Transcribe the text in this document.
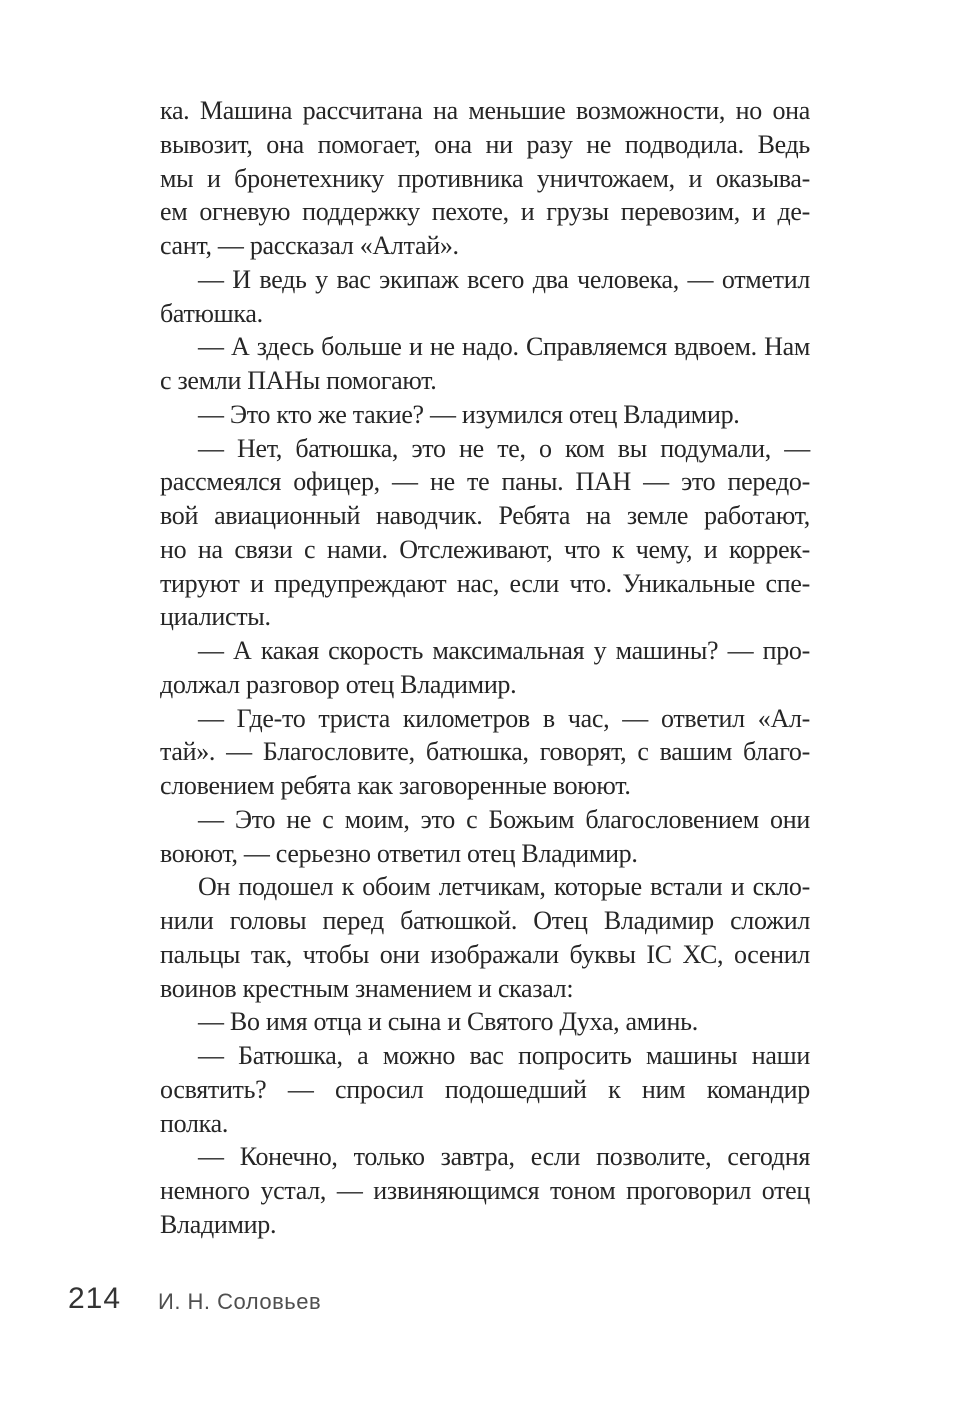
ка. Машина рассчитана на меньшие возможности, но она
вывозит, она помогает, она ни разу не подводила. Ведь
мы и бронетехнику противника уничтожаем, и оказыва-
ем огневую поддержку пехоте, и грузы перевозим, и де-
сант, — рассказал «Алтай».
— И ведь у вас экипаж всего два человека, — отметил
батюшка.
— А здесь больше и не надо. Справляемся вдвоем. Нам
с земли ПАНы помогают.
— Это кто же такие? — изумился отец Владимир.
— Нет, батюшка, это не те, о ком вы подумали, —
рассмеялся офицер, — не те паны. ПАН — это передо-
вой авиационный наводчик. Ребята на земле работают,
но на связи с нами. Отслеживают, что к чему, и коррек-
тируют и предупреждают нас, если что. Уникальные спе-
циалисты.
— А какая скорость максимальная у машины? — про-
должал разговор отец Владимир.
— Где-то триста километров в час, — ответил «Ал-
тай». — Благословите, батюшка, говорят, с вашим благо-
словением ребята как заговоренные воюют.
— Это не с моим, это с Божьим благословением они
воюют, — серьезно ответил отец Владимир.
Он подошел к обоим летчикам, которые встали и скло-
нили головы перед батюшкой. Отец Владимир сложил
пальцы так, чтобы они изображали буквы IC ХС, осенил
воинов крестным знамением и сказал:
— Во имя отца и сына и Святого Духа, аминь.
— Батюшка, а можно вас попросить машины наши
освятить? — спросил подошедший к ним командир
полка.
— Конечно, только завтра, если позволите, сегодня
немного устал, — извиняющимся тоном проговорил отец
Владимир.
214 И. Н. Соловьев
